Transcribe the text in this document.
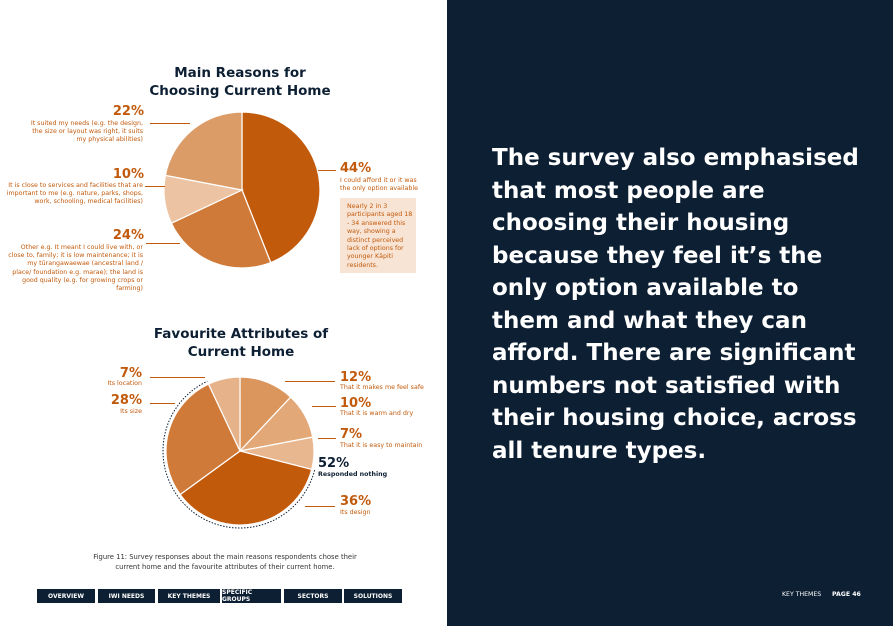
Main Reasons for Choosing Current Home
22%
It suited my needs (e.g. the design, the size or layout was right, it suits my physical abilities)
10%
It is close to services and facilities that are important to me (e.g. nature, parks, shops, work, schooling, medical facilities)
24%
Other e.g. It meant I could live with, or close to, family; it is low maintenance; it is my tūrangawaewae (ancestral land / place/ foundation e.g. marae); the land is good quality (e.g. for growing crops or farming)
44%
I could afford it or it was the only option available
Nearly 2 in 3 participants aged 18 - 34 answered this way, showing a distinct perceived lack of options for younger Kāpiti residents.
Favourite Attributes of Current Home
7%
Its location
28%
Its size
12%
That it makes me feel safe
10%
That it is warm and dry
7%
That it is easy to maintain
52%
Responded nothing
36%
Its design
Figure 11: Survey responses about the main reasons respondents chose their current home and the favourite attributes of their current home.
OVERVIEW	IWI NEEDS	KEY THEMES	SPECIFIC GROUPS	SECTORS	SOLUTIONS
The survey also emphasised that most people are choosing their housing because they feel it’s the only option available to them and what they can afford. There are significant numbers not satisfied with their housing choice, across all tenure types.
KEY THEMES PAGE 46
